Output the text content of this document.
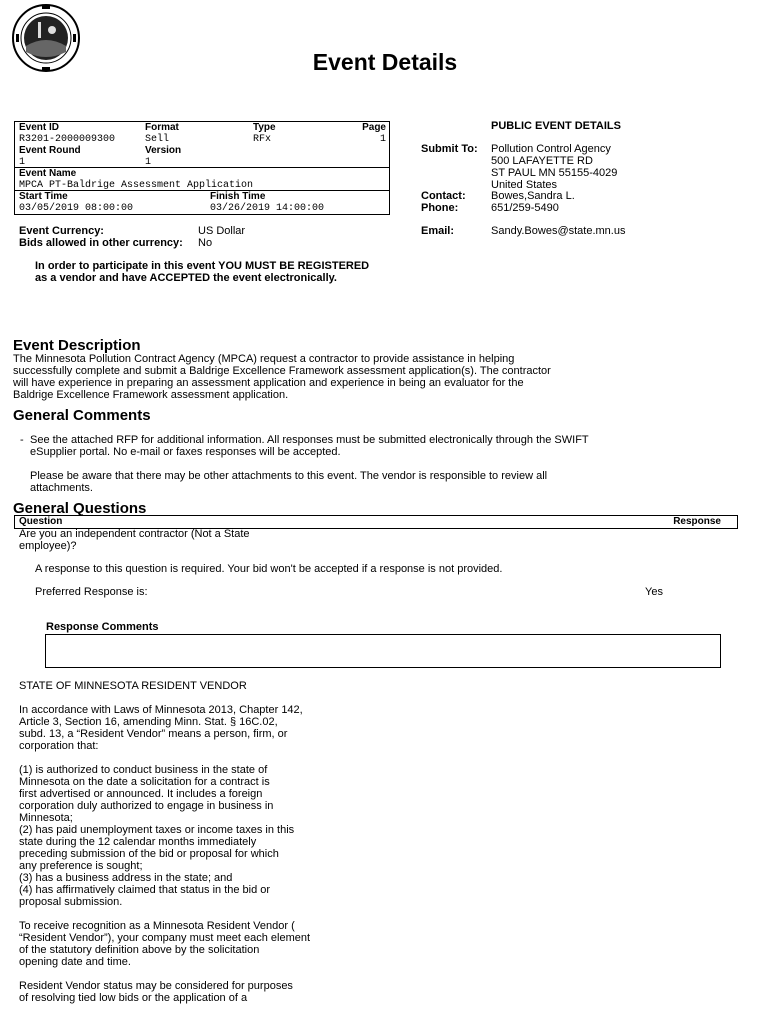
Event Details
Event ID	Format	Type	Page
R3201-2000009300	Sell	RFx	1
Event Round	Version
1	1
Event Name
MPCA PT-Baldrige Assessment Application
Start Time	Finish Time
03/05/2019 08:00:00	03/26/2019 14:00:00
Event Currency:	US Dollar
Bids allowed in other currency: No
In order to participate in this event YOU MUST BE REGISTERED
as a vendor and have ACCEPTED the event electronically.
PUBLIC EVENT DETAILS
Submit To: Pollution Control Agency
500 LAFAYETTE RD
ST PAUL MN 55155-4029
United States
Contact: Bowes,Sandra L.
Phone:	651/259-5490
Email:	Sandy.Bowes@state.mn.us
Event Description
The Minnesota Pollution Contract Agency (MPCA) request a contractor to provide assistance in helping
successfully complete and submit a Baldrige Excellence Framework assessment application(s). The contractor
will have experience in preparing an assessment application and experience in being an evaluator for the
Baldrige Excellence Framework assessment application.
General Comments
- See the attached RFP for additional information. All responses must be submitted electronically through the SWIFT
eSupplier portal. No e-mail or faxes responses will be accepted.
Please be aware that there may be other attachments to this event. The vendor is responsible to review all
attachments.
General Questions
Question	Response
Are you an independent contractor (Not a State
employee)?
A response to this question is required. Your bid won't be accepted if a response is not provided.
Preferred Response is:	Yes
Response Comments

STATE OF MINNESOTA RESIDENT VENDOR

In accordance with Laws of Minnesota 2013, Chapter 142,
Article 3, Section 16, amending Minn. Stat. § 16C.02,
subd. 13, a “Resident Vendor” means a person, firm, or
corporation that:

(1) is authorized to conduct business in the state of
Minnesota on the date a solicitation for a contract is
first advertised or announced. It includes a foreign
corporation duly authorized to engage in business in
Minnesota;
(2) has paid unemployment taxes or income taxes in this
state during the 12 calendar months immediately
preceding submission of the bid or proposal for which
any preference is sought;
(3) has a business address in the state; and
(4) has affirmatively claimed that status in the bid or
proposal submission.

To receive recognition as a Minnesota Resident Vendor (
“Resident Vendor”), your company must meet each element
of the statutory definition above by the solicitation
opening date and time.

Resident Vendor status may be considered for purposes
of resolving tied low bids or the application of a
